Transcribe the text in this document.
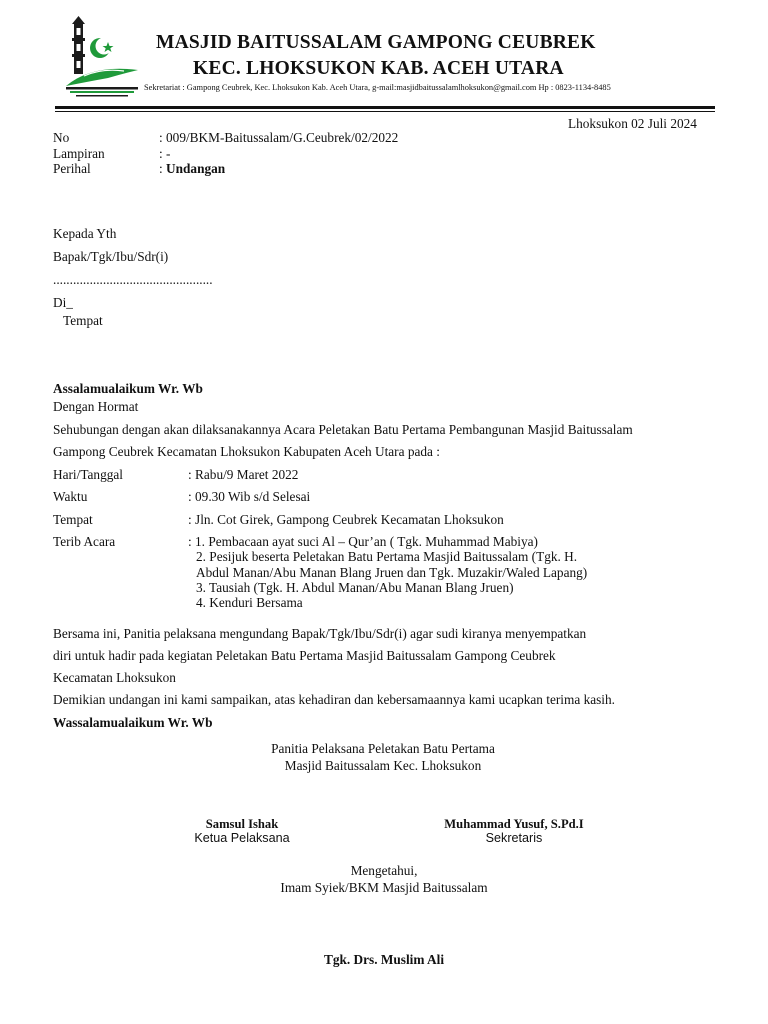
MASJID BAITUSSALAM GAMPONG CEUBREK
KEC. LHOKSUKON KAB. ACEH UTARA
Sekretariat : Gampong Ceubrek, Kec. Lhoksukon Kab. Aceh Utara, g-mail:masjidbaitussalamlhoksukon@gmail.com Hp : 0823-1134-8485
Lhoksukon 02 Juli 2024
No	: 009/BKM-Baitussalam/G.Ceubrek/02/2022
Lampiran	: -
Perihal	: Undangan
Kepada Yth
Bapak/Tgk/Ibu/Sdr(i)
................................................
Di_
Tempat
Assalamualaikum Wr. Wb
Dengan Hormat
Sehubungan dengan akan dilaksanakannya Acara Peletakan Batu Pertama Pembangunan Masjid Baitussalam
Gampong Ceubrek Kecamatan Lhoksukon Kabupaten Aceh Utara pada :
Hari/Tanggal	: Rabu/9 Maret 2022
Waktu	: 09.30 Wib s/d Selesai
Tempat	: Jln. Cot Girek, Gampong Ceubrek Kecamatan Lhoksukon
Terib Acara	: 1. Pembacaan ayat suci Al – Qur’an ( Tgk. Muhammad Mabiya)
2. Pesijuk beserta Peletakan Batu Pertama Masjid Baitussalam (Tgk. H.
Abdul Manan/Abu Manan Blang Jruen dan Tgk. Muzakir/Waled Lapang)
3. Tausiah (Tgk. H. Abdul Manan/Abu Manan Blang Jruen)
4. Kenduri Bersama
Bersama ini, Panitia pelaksana mengundang Bapak/Tgk/Ibu/Sdr(i) agar sudi kiranya menyempatkan
diri untuk hadir pada kegiatan Peletakan Batu Pertama Masjid Baitussalam Gampong Ceubrek
Kecamatan Lhoksukon
Demikian undangan ini kami sampaikan, atas kehadiran dan kebersamaannya kami ucapkan terima kasih.
Wassalamualaikum Wr. Wb
Panitia Pelaksana Peletakan Batu Pertama
Masjid Baitussalam Kec. Lhoksukon
Samsul Ishak
Ketua Pelaksana
Muhammad Yusuf, S.Pd.I
Sekretaris
Mengetahui,
Imam Syiek/BKM Masjid Baitussalam
Tgk. Drs. Muslim Ali
